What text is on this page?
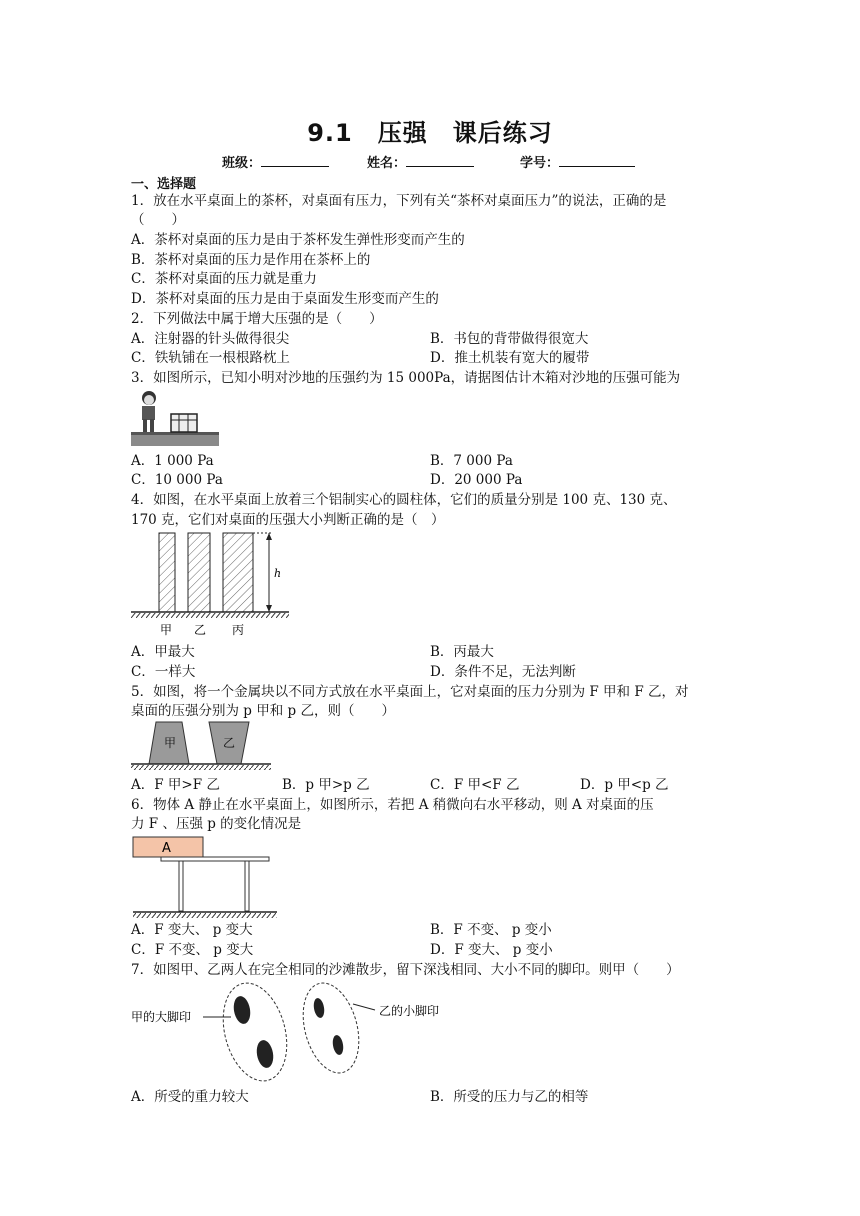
9.1　压强　课后练习
班级：	姓名：	学号：
一、选择题
1．放在水平桌面上的茶杯，对桌面有压力，下列有关“茶杯对桌面压力”的说法，正确的是
（　　）
A．茶杯对桌面的压力是由于茶杯发生弹性形变而产生的
B．茶杯对桌面的压力是作用在茶杯上的
C．茶杯对桌面的压力就是重力
D．茶杯对桌面的压力是由于桌面发生形变而产生的
2．下列做法中属于增大压强的是（　　）
A．注射器的针头做得很尖	B．书包的背带做得很宽大
C．铁轨铺在一根根路枕上	D．推土机装有宽大的履带
3．如图所示，已知小明对沙地的压强约为 15 000Pa，请据图估计木箱对沙地的压强可能为
A．1 000 Pa	B．7 000 Pa
C．10 000 Pa	D．20 000 Pa
4．如图，在水平桌面上放着三个铝制实心的圆柱体，它们的质量分别是 100 克、130 克、
170 克，它们对桌面的压强大小判断正确的是（　）
h
甲 乙 丙
A．甲最大	B．丙最大
C．一样大	D．条件不足，无法判断
5．如图，将一个金属块以不同方式放在水平桌面上，它对桌面的压力分别为 F 甲和 F 乙，对
桌面的压强分别为 p 甲和 p 乙，则（　　）
甲	乙
A．F 甲>F 乙	B．p 甲>p 乙	C．F 甲<F 乙	D．p 甲<p 乙
6．物体 A 静止在水平桌面上，如图所示，若把 A 稍微向右水平移动，则 A 对桌面的压
力 F 、压强 p 的变化情况是
A
A．F 变大、 p 变大	B．F 不变、 p 变小
C．F 不变、 p 变大	D．F 变大、 p 变小
7．如图甲、乙两人在完全相同的沙滩散步，留下深浅相同、大小不同的脚印。则甲（　　）
甲的大脚印	乙的小脚印
A．所受的重力较大	B．所受的压力与乙的相等
